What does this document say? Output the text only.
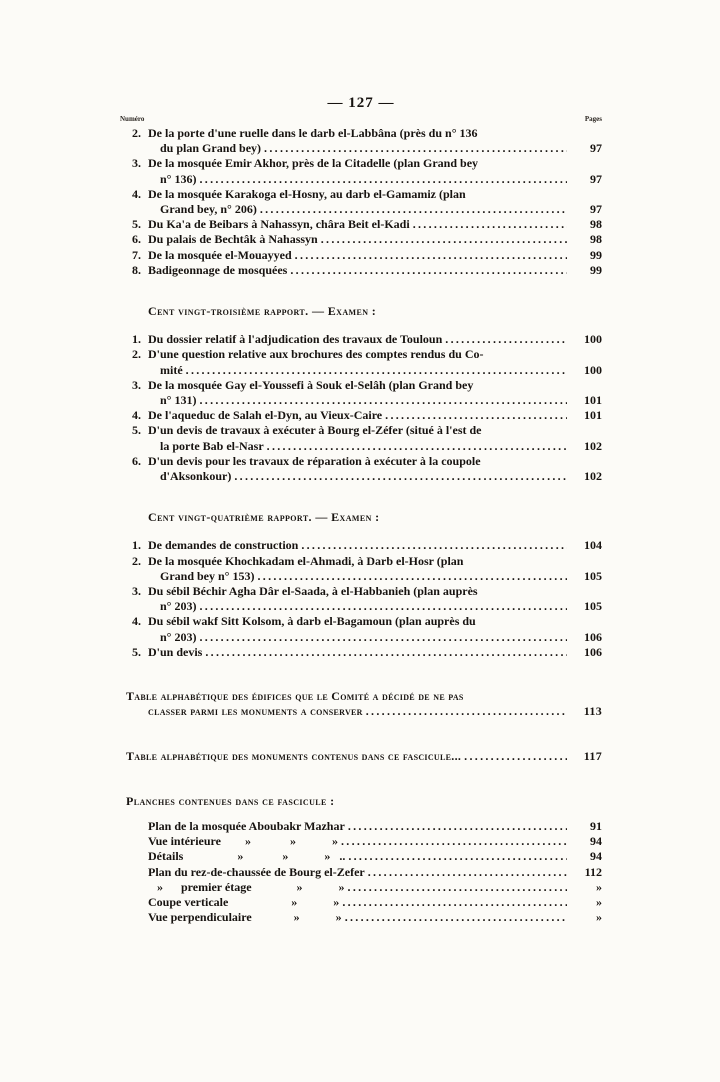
— 127 —
Numéro	Pages
2. De la porte d'une ruelle dans le darb el-Labbâna (près du n° 136
du plan Grand bey) .....	97
3. De la mosquée Emir Akhor, près de la Citadelle (plan Grand bey
n° 136) .....	97
4. De la mosquée Karakoga el-Hosny, au darb el-Gamamiz (plan
Grand bey, n° 206) .....	97
5. Du Ka'a de Beibars à Nahassyn, châra Beit el-Kadi .....	98
6. Du palais de Bechtâk à Nahassyn .....	98
7. De la mosquée el-Mouayyed .....	99
8. Badigeonnage de mosquées .....	99
Cent vingt-troisième rapport. — Examen :
1. Du dossier relatif à l'adjudication des travaux de Touloun .....	100
2. D'une question relative aux brochures des comptes rendus du Co-
mité .....	100
3. De la mosquée Gay el-Youssefi à Souk el-Selâh (plan Grand bey
n° 131) .....	101
4. De l'aqueduc de Salah el-Dyn, au Vieux-Caire .....	101
5. D'un devis de travaux à exécuter à Bourg el-Zéfer (situé à l'est de
la porte Bab el-Nasr .....	102
6. D'un devis pour les travaux de réparation à exécuter à la coupole
d'Aksonkour) .....	102
Cent vingt-quatrième rapport. — Examen :
1. De demandes de construction .....	104
2. De la mosquée Khochkadam el-Ahmadi, à Darb el-Hosr (plan
Grand bey n° 153) .....	105
3. Du sébil Béchir Agha Dâr el-Saada, à el-Habbanieh (plan auprès
n° 203) .....	105
4. Du sébil wakf Sitt Kolsom, à darb el-Bagamoun (plan auprès du
n° 203) .....	106
5. D'un devis .....	106
Table alphabétique des édifices que le Comité a décidé de ne pas
classer parmi les monuments a conserver .....	113
Table alphabétique des monuments contenus dans ce fascicule... .....	117
Planches contenues dans ce fascicule :
Plan de la mosquée Aboubakr Mazhar .....	91
Vue intérieure        »             »            » .....	94
Détails                  »             »            »   .. .....	94
Plan du rez-de-chaussée de Bourg el-Zefer .....	112
»      premier étage               »            » .....	»
Coupe verticale                     »            » .....	»
Vue perpendiculaire              »            » .....	»
